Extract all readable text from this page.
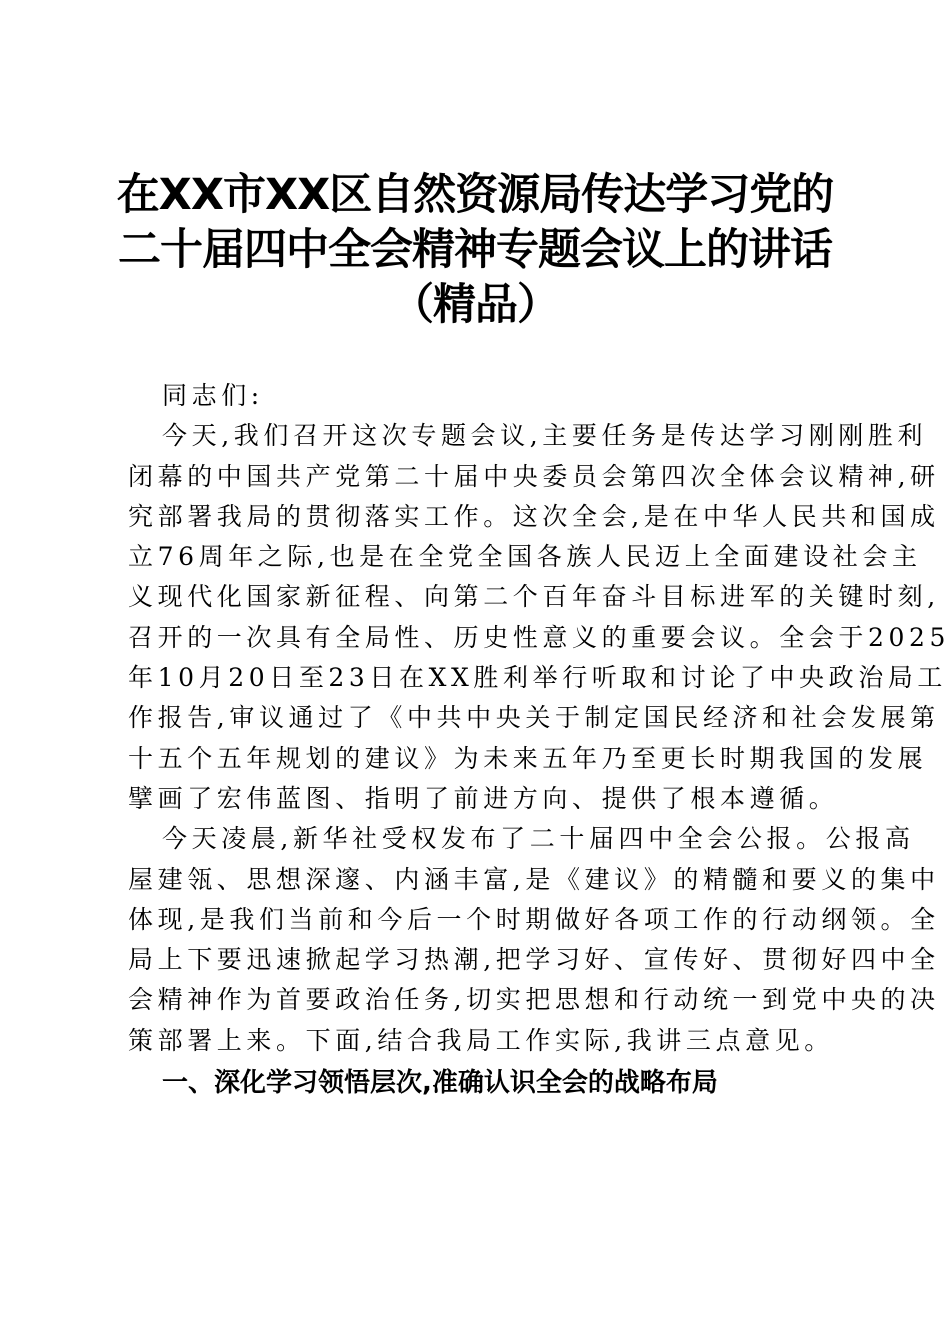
在XX市XX区自然资源局传达学习党的
二十届四中全会精神专题会议上的讲话
（精品）

同志们:

今天,我们召开这次专题会议,主要任务是传达学习刚刚胜利
闭幕的中国共产党第二十届中央委员会第四次全体会议精神,研
究部署我局的贯彻落实工作。这次全会,是在中华人民共和国成
立76周年之际,也是在全党全国各族人民迈上全面建设社会主
义现代化国家新征程、向第二个百年奋斗目标进军的关键时刻,
召开的一次具有全局性、历史性意义的重要会议。全会于2025
年10月20日至23日在XX胜利举行听取和讨论了中央政治局工
作报告,审议通过了《中共中央关于制定国民经济和社会发展第
十五个五年规划的建议》为未来五年乃至更长时期我国的发展
擘画了宏伟蓝图、指明了前进方向、提供了根本遵循。

今天凌晨,新华社受权发布了二十届四中全会公报。公报高
屋建瓴、思想深邃、内涵丰富,是《建议》的精髓和要义的集中
体现,是我们当前和今后一个时期做好各项工作的行动纲领。全
局上下要迅速掀起学习热潮,把学习好、宣传好、贯彻好四中全
会精神作为首要政治任务,切实把思想和行动统一到党中央的决
策部署上来。下面,结合我局工作实际,我讲三点意见。

一、深化学习领悟层次,准确认识全会的战略布局
